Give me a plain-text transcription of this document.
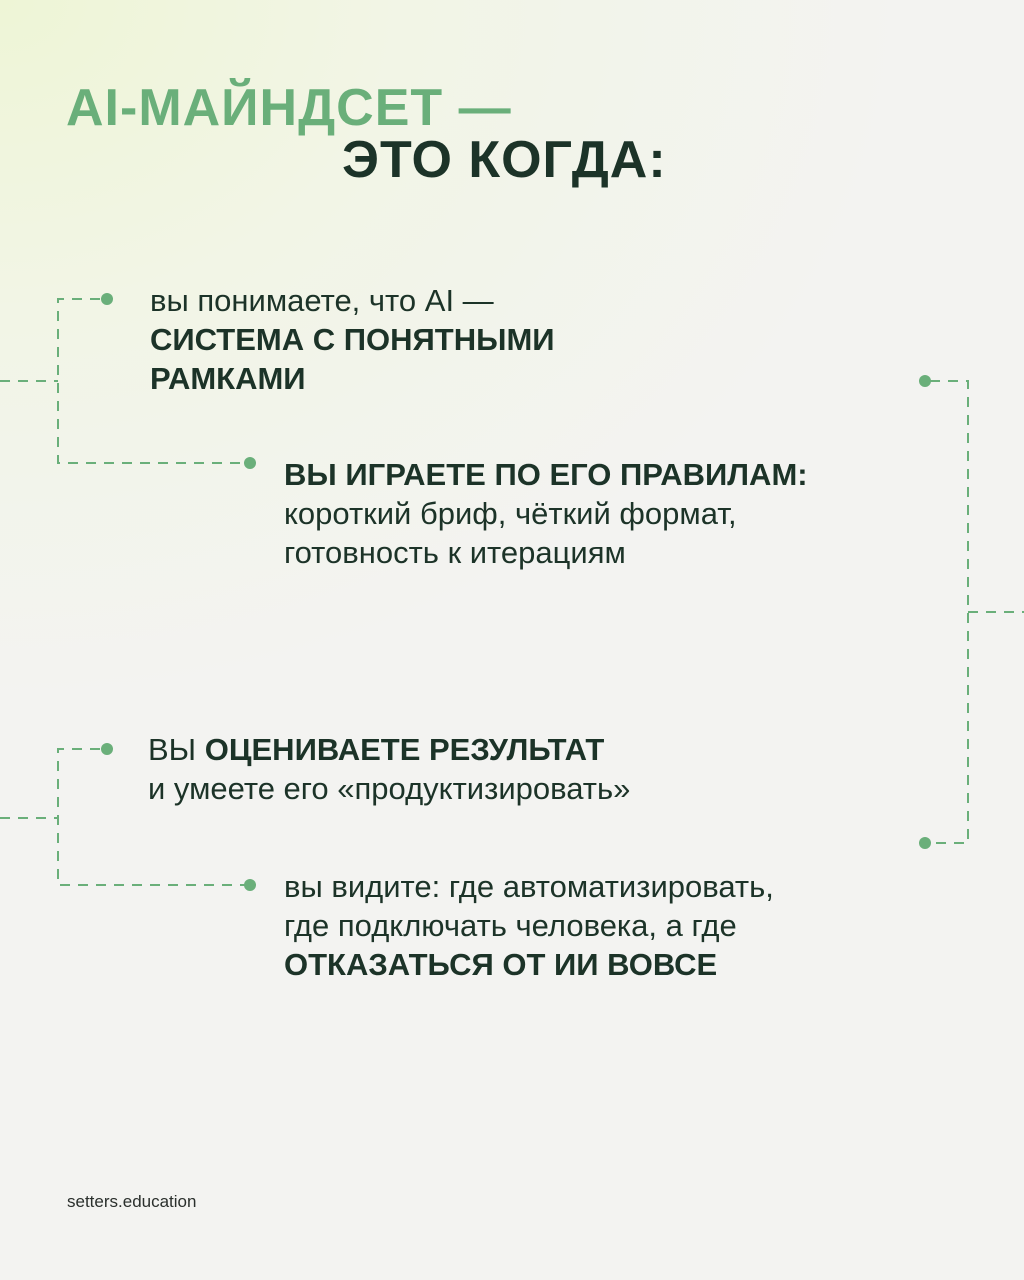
AI-МАЙНДСЕТ —
ЭТО КОГДА:
вы понимаете, что AI —
СИСТЕМА С ПОНЯТНЫМИ
РАМКАМИ
ВЫ ИГРАЕТЕ ПО ЕГО ПРАВИЛАМ:
короткий бриф, чёткий формат,
готовность к итерациям
ВЫ ОЦЕНИВАЕТЕ РЕЗУЛЬТАТ
и умеете его «продуктизировать»
вы видите: где автоматизировать,
где подключать человека, а где
ОТКАЗАТЬСЯ ОТ ИИ ВОВСЕ
setters.education
